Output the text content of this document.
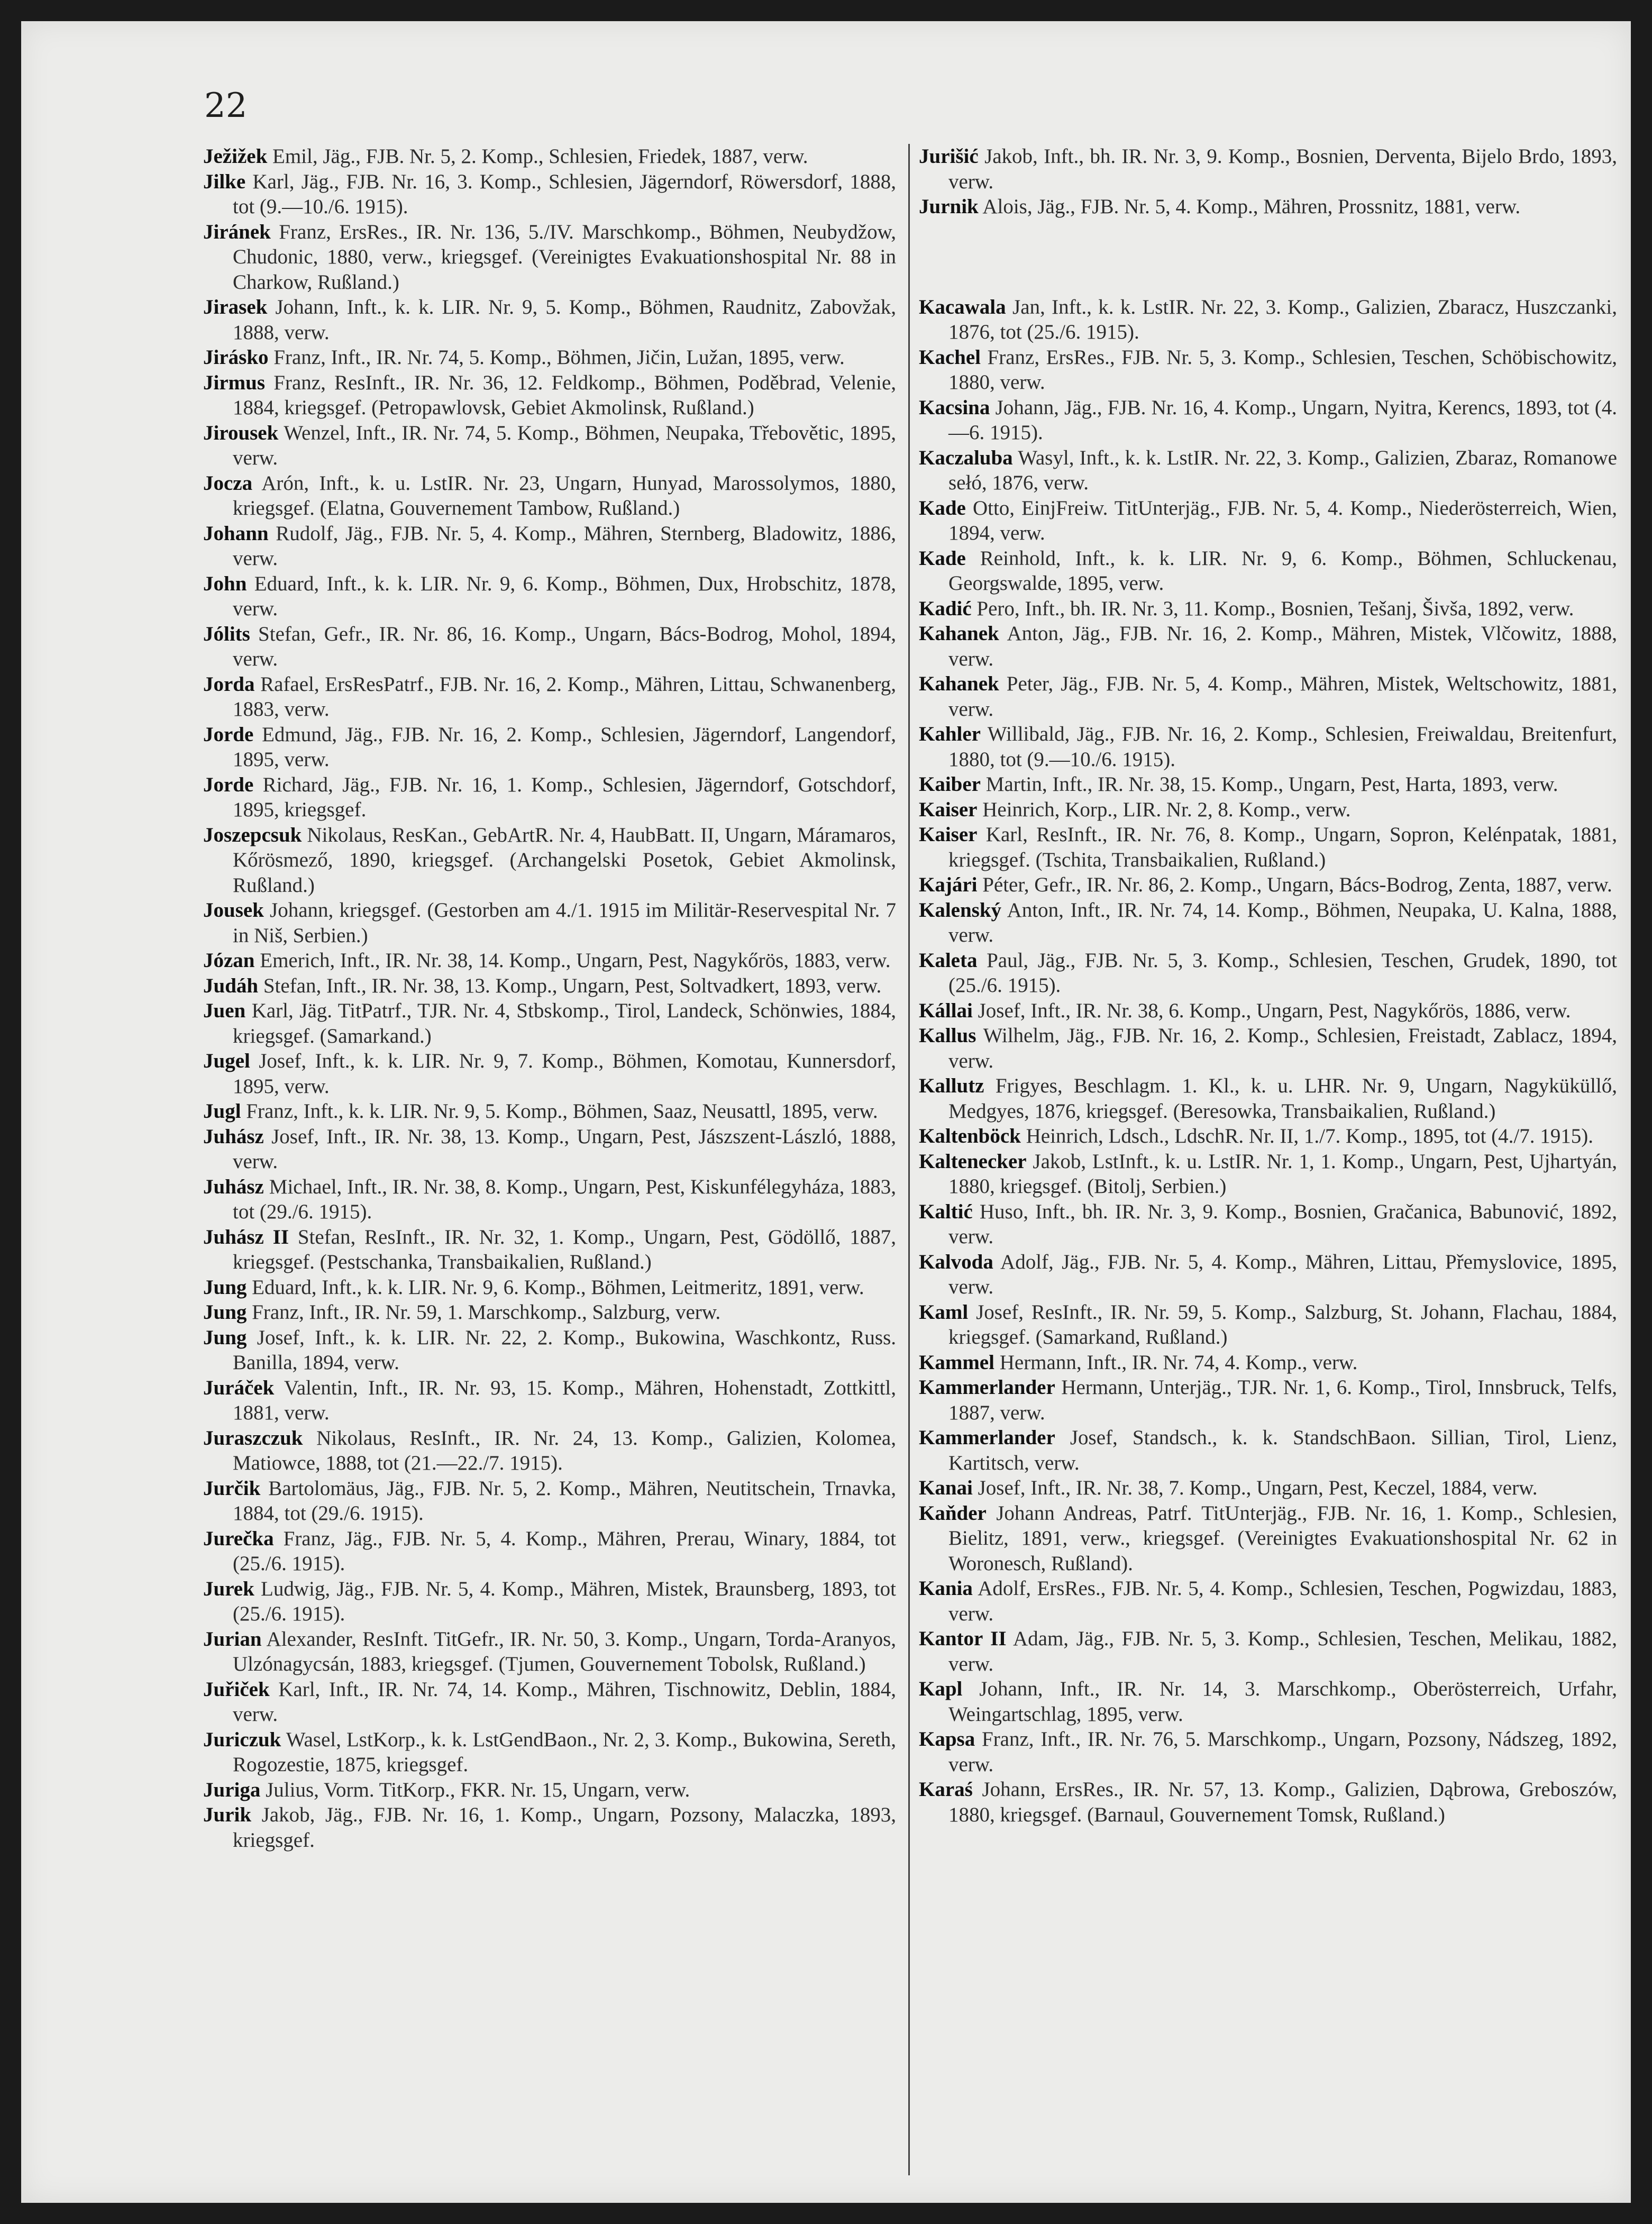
22

Ježižek Emil, Jäg., FJB. Nr. 5, 2. Komp., Schlesien, Friedek, 1887, verw.

Jilke Karl, Jäg., FJB. Nr. 16, 3. Komp., Schlesien, Jägerndorf, Röwersdorf, 1888, tot (9.—10./6. 1915).

Jiránek Franz, ErsRes., IR. Nr. 136, 5./IV. Marschkomp., Böhmen, Neubydžow, Chudonic, 1880, verw., kriegsgef. (Vereinigtes Evakuationshospital Nr. 88 in Charkow, Rußland.)

Jirasek Johann, Inft., k. k. LIR. Nr. 9, 5. Komp., Böhmen, Raudnitz, Zabovžak, 1888, verw.

Jirásko Franz, Inft., IR. Nr. 74, 5. Komp., Böhmen, Jičin, Lužan, 1895, verw.

Jirmus Franz, ResInft., IR. Nr. 36, 12. Feldkomp., Böhmen, Poděbrad, Velenie, 1884, kriegsgef. (Petropawlovsk, Gebiet Akmolinsk, Rußland.)

Jirousek Wenzel, Inft., IR. Nr. 74, 5. Komp., Böhmen, Neupaka, Třebovětic, 1895, verw.

Jocza Arón, Inft., k. u. LstIR. Nr. 23, Ungarn, Hunyad, Marossolymos, 1880, kriegsgef. (Elatna, Gouvernement Tambow, Rußland.)

Johann Rudolf, Jäg., FJB. Nr. 5, 4. Komp., Mähren, Sternberg, Bladowitz, 1886, verw.

John Eduard, Inft., k. k. LIR. Nr. 9, 6. Komp., Böhmen, Dux, Hrobschitz, 1878, verw.

Jólits Stefan, Gefr., IR. Nr. 86, 16. Komp., Ungarn, Bács-Bodrog, Mohol, 1894, verw.

Jorda Rafael, ErsResPatrf., FJB. Nr. 16, 2. Komp., Mähren, Littau, Schwanenberg, 1883, verw.

Jorde Edmund, Jäg., FJB. Nr. 16, 2. Komp., Schlesien, Jägerndorf, Langendorf, 1895, verw.

Jorde Richard, Jäg., FJB. Nr. 16, 1. Komp., Schlesien, Jägerndorf, Gotschdorf, 1895, kriegsgef.

Joszepcsuk Nikolaus, ResKan., GebArtR. Nr. 4, HaubBatt. II, Ungarn, Máramaros, Kőrösmező, 1890, kriegsgef. (Archangelski Posetok, Gebiet Akmolinsk, Rußland.)

Jousek Johann, kriegsgef. (Gestorben am 4./1. 1915 im Militär-Reservespital Nr. 7 in Niš, Serbien.)

Józan Emerich, Inft., IR. Nr. 38, 14. Komp., Ungarn, Pest, Nagykőrös, 1883, verw.

Judáh Stefan, Inft., IR. Nr. 38, 13. Komp., Ungarn, Pest, Soltvadkert, 1893, verw.

Juen Karl, Jäg. TitPatrf., TJR. Nr. 4, Stbskomp., Tirol, Landeck, Schönwies, 1884, kriegsgef. (Samarkand.)

Jugel Josef, Inft., k. k. LIR. Nr. 9, 7. Komp., Böhmen, Komotau, Kunnersdorf, 1895, verw.

Jugl Franz, Inft., k. k. LIR. Nr. 9, 5. Komp., Böhmen, Saaz, Neusattl, 1895, verw.

Juhász Josef, Inft., IR. Nr. 38, 13. Komp., Ungarn, Pest, Jászszent-László, 1888, verw.

Juhász Michael, Inft., IR. Nr. 38, 8. Komp., Ungarn, Pest, Kiskunfélegyháza, 1883, tot (29./6. 1915).

Juhász II Stefan, ResInft., IR. Nr. 32, 1. Komp., Ungarn, Pest, Gödöllő, 1887, kriegsgef. (Pestschanka, Transbaikalien, Rußland.)

Jung Eduard, Inft., k. k. LIR. Nr. 9, 6. Komp., Böhmen, Leitmeritz, 1891, verw.

Jung Franz, Inft., IR. Nr. 59, 1. Marschkomp., Salzburg, verw.

Jung Josef, Inft., k. k. LIR. Nr. 22, 2. Komp., Bukowina, Waschkontz, Russ. Banilla, 1894, verw.

Juráček Valentin, Inft., IR. Nr. 93, 15. Komp., Mähren, Hohenstadt, Zottkittl, 1881, verw.

Juraszczuk Nikolaus, ResInft., IR. Nr. 24, 13. Komp., Galizien, Kolomea, Matiowce, 1888, tot (21.—22./7. 1915).

Jurčik Bartolomäus, Jäg., FJB. Nr. 5, 2. Komp., Mähren, Neutitschein, Trnavka, 1884, tot (29./6. 1915).

Jurečka Franz, Jäg., FJB. Nr. 5, 4. Komp., Mähren, Prerau, Winary, 1884, tot (25./6. 1915).

Jurek Ludwig, Jäg., FJB. Nr. 5, 4. Komp., Mähren, Mistek, Braunsberg, 1893, tot (25./6. 1915).

Jurian Alexander, ResInft. TitGefr., IR. Nr. 50, 3. Komp., Ungarn, Torda-Aranyos, Ulzónagycsán, 1883, kriegsgef. (Tjumen, Gouvernement Tobolsk, Rußland.)

Juřiček Karl, Inft., IR. Nr. 74, 14. Komp., Mähren, Tischnowitz, Deblin, 1884, verw.

Juriczuk Wasel, LstKorp., k. k. LstGendBaon., Nr. 2, 3. Komp., Bukowina, Sereth, Rogozestie, 1875, kriegsgef.

Juriga Julius, Vorm. TitKorp., FKR. Nr. 15, Ungarn, verw.

Jurik Jakob, Jäg., FJB. Nr. 16, 1. Komp., Ungarn, Pozsony, Malaczka, 1893, kriegsgef.

Jurišić Jakob, Inft., bh. IR. Nr. 3, 9. Komp., Bosnien, Derventa, Bijelo Brdo, 1893, verw.

Jurnik Alois, Jäg., FJB. Nr. 5, 4. Komp., Mähren, Prossnitz, 1881, verw.

Kacawala Jan, Inft., k. k. LstIR. Nr. 22, 3. Komp., Galizien, Zbaracz, Huszczanki, 1876, tot (25./6. 1915).

Kachel Franz, ErsRes., FJB. Nr. 5, 3. Komp., Schlesien, Teschen, Schöbischowitz, 1880, verw.

Kacsina Johann, Jäg., FJB. Nr. 16, 4. Komp., Ungarn, Nyitra, Kerencs, 1893, tot (4.—6. 1915).

Kaczaluba Wasyl, Inft., k. k. LstIR. Nr. 22, 3. Komp., Galizien, Zbaraz, Romanowe sełó, 1876, verw.

Kade Otto, EinjFreiw. TitUnterjäg., FJB. Nr. 5, 4. Komp., Niederösterreich, Wien, 1894, verw.

Kade Reinhold, Inft., k. k. LIR. Nr. 9, 6. Komp., Böhmen, Schluckenau, Georgswalde, 1895, verw.

Kadić Pero, Inft., bh. IR. Nr. 3, 11. Komp., Bosnien, Tešanj, Šivša, 1892, verw.

Kahanek Anton, Jäg., FJB. Nr. 16, 2. Komp., Mähren, Mistek, Vlčowitz, 1888, verw.

Kahanek Peter, Jäg., FJB. Nr. 5, 4. Komp., Mähren, Mistek, Weltschowitz, 1881, verw.

Kahler Willibald, Jäg., FJB. Nr. 16, 2. Komp., Schlesien, Freiwaldau, Breitenfurt, 1880, tot (9.—10./6. 1915).

Kaiber Martin, Inft., IR. Nr. 38, 15. Komp., Ungarn, Pest, Harta, 1893, verw.

Kaiser Heinrich, Korp., LIR. Nr. 2, 8. Komp., verw.

Kaiser Karl, ResInft., IR. Nr. 76, 8. Komp., Ungarn, Sopron, Kelénpatak, 1881, kriegsgef. (Tschita, Transbaikalien, Rußland.)

Kajári Péter, Gefr., IR. Nr. 86, 2. Komp., Ungarn, Bács-Bodrog, Zenta, 1887, verw.

Kalenský Anton, Inft., IR. Nr. 74, 14. Komp., Böhmen, Neupaka, U. Kalna, 1888, verw.

Kaleta Paul, Jäg., FJB. Nr. 5, 3. Komp., Schlesien, Teschen, Grudek, 1890, tot (25./6. 1915).

Kállai Josef, Inft., IR. Nr. 38, 6. Komp., Ungarn, Pest, Nagykőrös, 1886, verw.

Kallus Wilhelm, Jäg., FJB. Nr. 16, 2. Komp., Schlesien, Freistadt, Zablacz, 1894, verw.

Kallutz Frigyes, Beschlagm. 1. Kl., k. u. LHR. Nr. 9, Ungarn, Nagyküküllő, Medgyes, 1876, kriegsgef. (Beresowka, Transbaikalien, Rußland.)

Kaltenböck Heinrich, Ldsch., LdschR. Nr. II, 1./7. Komp., 1895, tot (4./7. 1915).

Kaltenecker Jakob, LstInft., k. u. LstIR. Nr. 1, 1. Komp., Ungarn, Pest, Ujhartyán, 1880, kriegsgef. (Bitolj, Serbien.)

Kaltić Huso, Inft., bh. IR. Nr. 3, 9. Komp., Bosnien, Gračanica, Babunović, 1892, verw.

Kalvoda Adolf, Jäg., FJB. Nr. 5, 4. Komp., Mähren, Littau, Přemyslovice, 1895, verw.

Kaml Josef, ResInft., IR. Nr. 59, 5. Komp., Salzburg, St. Johann, Flachau, 1884, kriegsgef. (Samarkand, Rußland.)

Kammel Hermann, Inft., IR. Nr. 74, 4. Komp., verw.

Kammerlander Hermann, Unterjäg., TJR. Nr. 1, 6. Komp., Tirol, Innsbruck, Telfs, 1887, verw.

Kammerlander Josef, Standsch., k. k. StandschBaon. Sillian, Tirol, Lienz, Kartitsch, verw.

Kanai Josef, Inft., IR. Nr. 38, 7. Komp., Ungarn, Pest, Keczel, 1884, verw.

Kaňder Johann Andreas, Patrf. TitUnterjäg., FJB. Nr. 16, 1. Komp., Schlesien, Bielitz, 1891, verw., kriegsgef. (Vereinigtes Evakuationshospital Nr. 62 in Woronesch, Rußland).

Kania Adolf, ErsRes., FJB. Nr. 5, 4. Komp., Schlesien, Teschen, Pogwizdau, 1883, verw.

Kantor II Adam, Jäg., FJB. Nr. 5, 3. Komp., Schlesien, Teschen, Melikau, 1882, verw.

Kapl Johann, Inft., IR. Nr. 14, 3. Marschkomp., Oberösterreich, Urfahr, Weingartschlag, 1895, verw.

Kapsa Franz, Inft., IR. Nr. 76, 5. Marschkomp., Ungarn, Pozsony, Nádszeg, 1892, verw.

Karaś Johann, ErsRes., IR. Nr. 57, 13. Komp., Galizien, Dąbrowa, Greboszów, 1880, kriegsgef. (Barnaul, Gouvernement Tomsk, Rußland.)
